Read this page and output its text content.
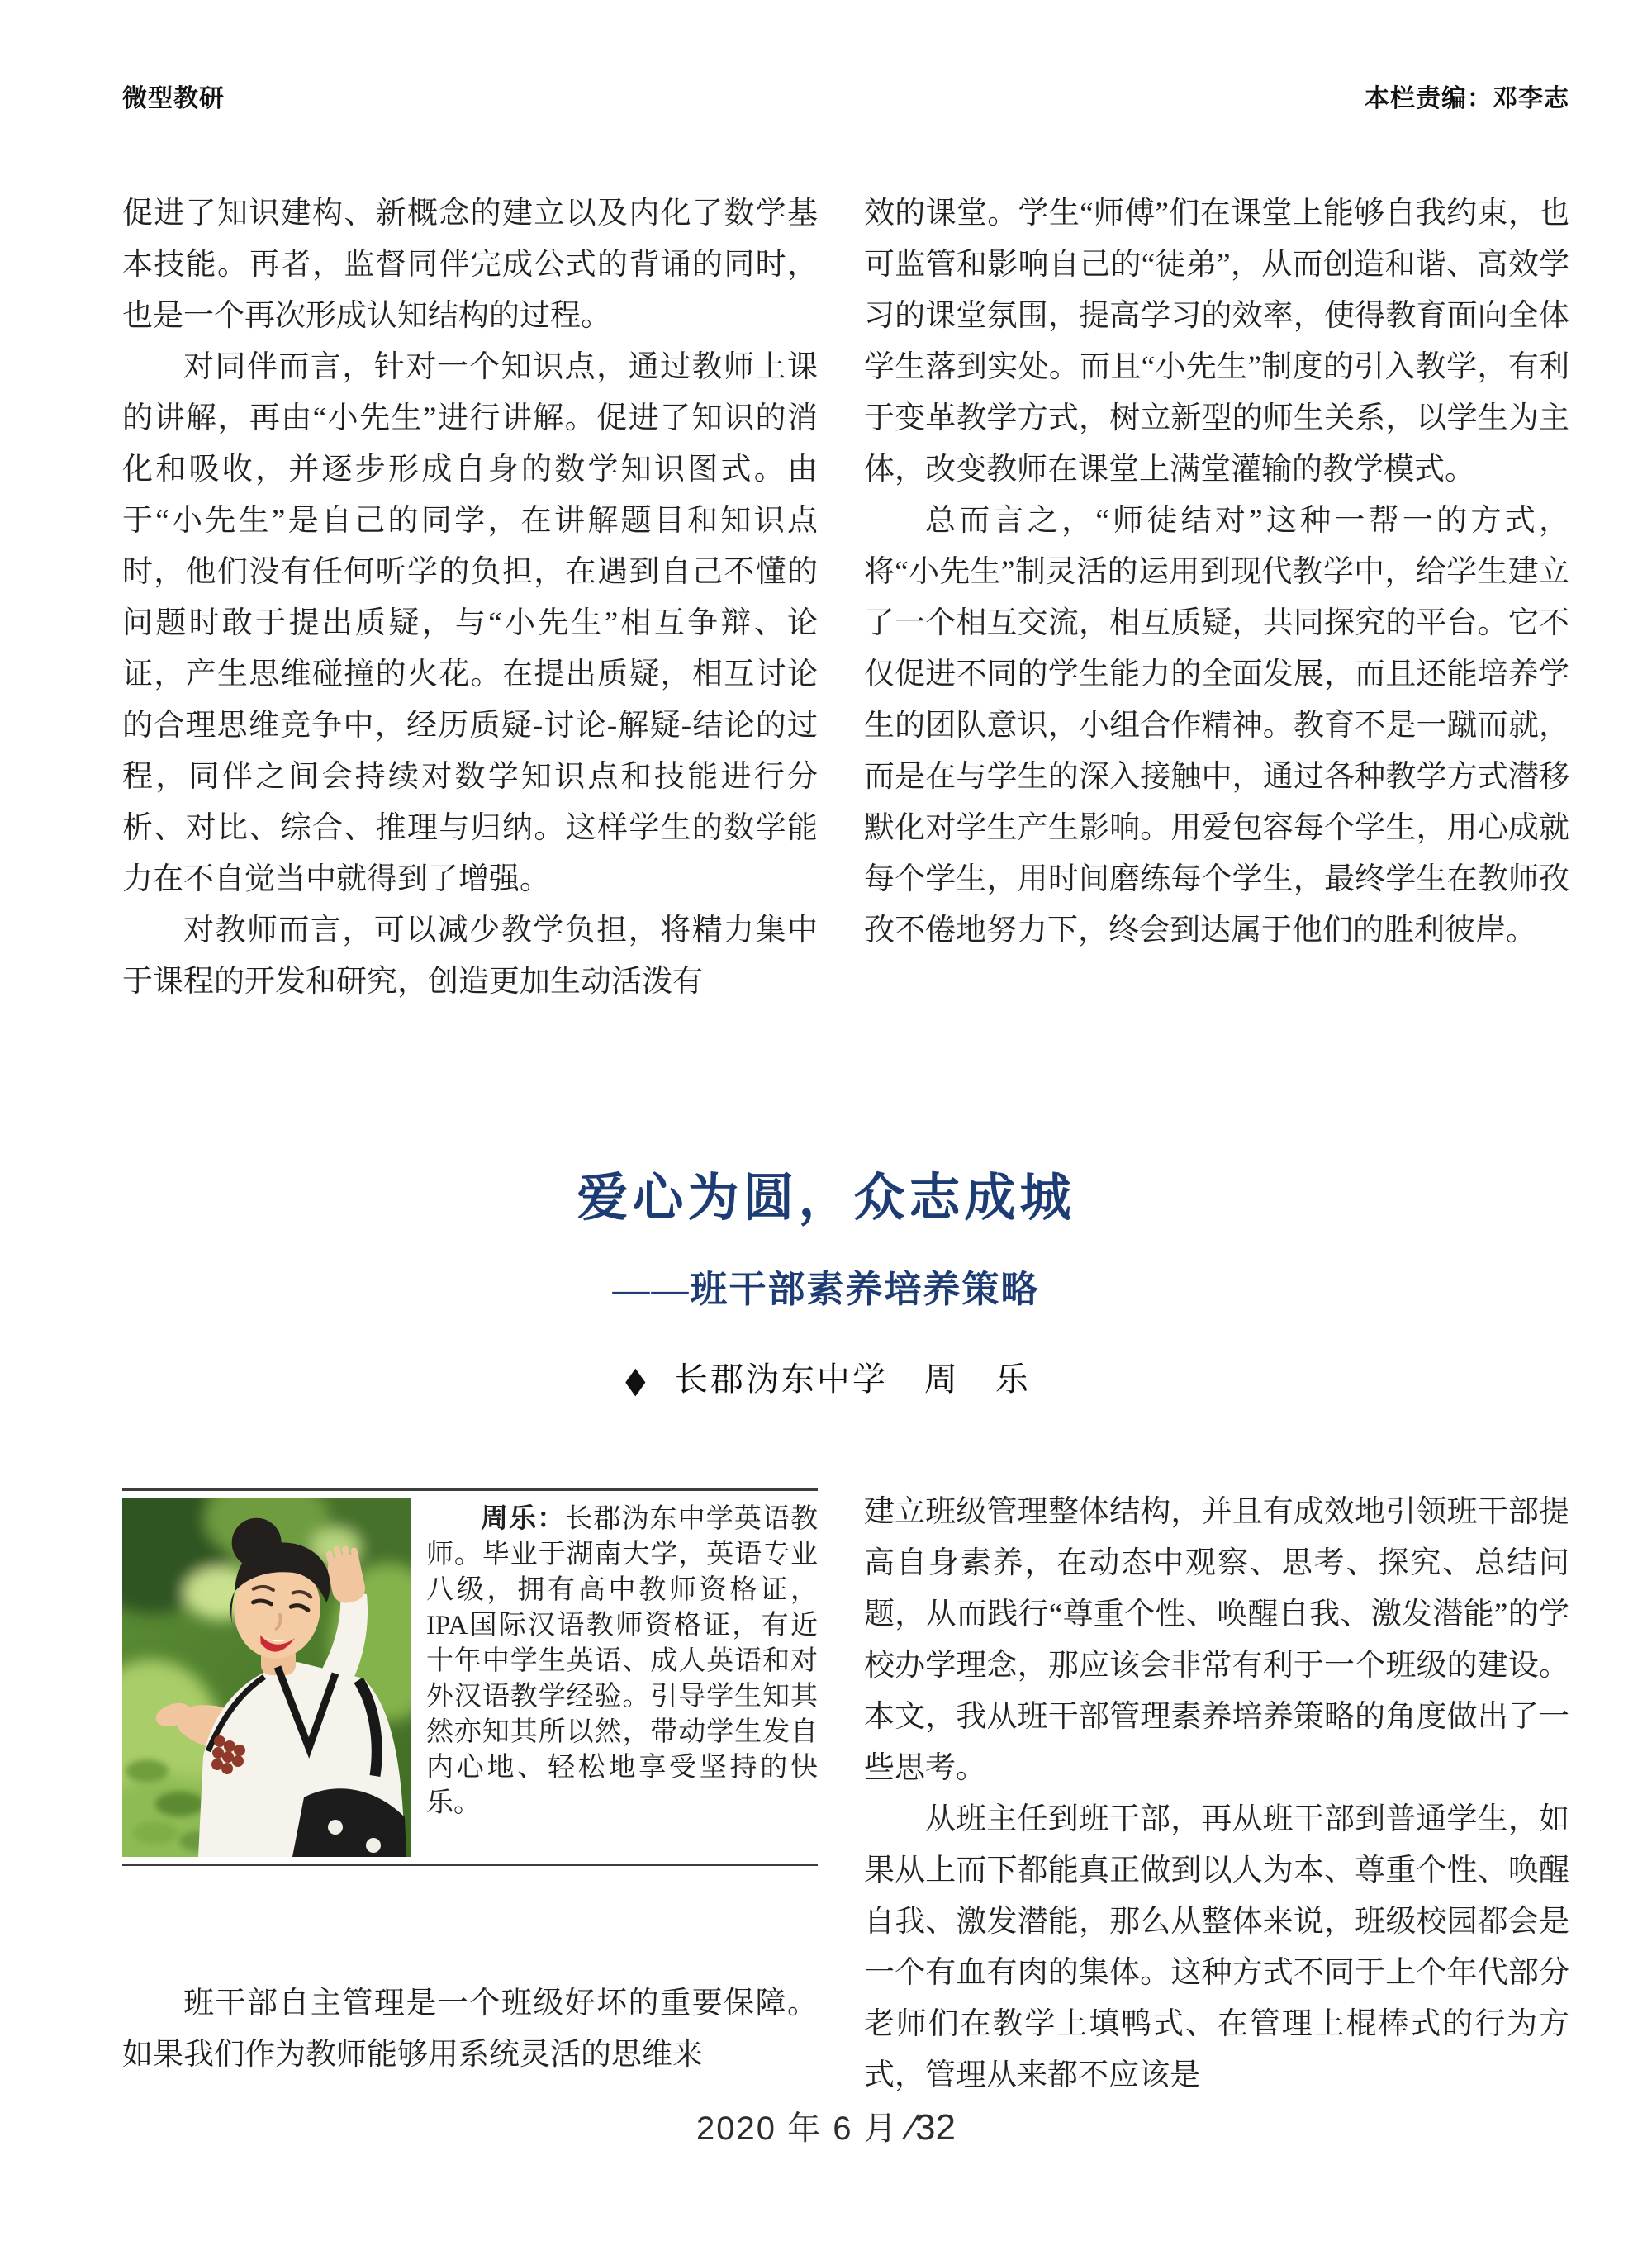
微型教研	本栏责编：邓李志

促进了知识建构、新概念的建立以及内化了数学基本技能。再者，监督同伴完成公式的背诵的同时，也是一个再次形成认知结构的过程。

对同伴而言，针对一个知识点，通过教师上课的讲解，再由“小先生”进行讲解。促进了知识的消化和吸收，并逐步形成自身的数学知识图式。由于“小先生”是自己的同学，在讲解题目和知识点时，他们没有任何听学的负担，在遇到自己不懂的问题时敢于提出质疑，与“小先生”相互争辩、论证，产生思维碰撞的火花。在提出质疑，相互讨论的合理思维竞争中，经历质疑-讨论-解疑-结论的过程，同伴之间会持续对数学知识点和技能进行分析、对比、综合、推理与归纳。这样学生的数学能力在不自觉当中就得到了增强。

对教师而言，可以减少教学负担，将精力集中于课程的开发和研究，创造更加生动活泼有

效的课堂。学生“师傅”们在课堂上能够自我约束，也可监管和影响自己的“徒弟”，从而创造和谐、高效学习的课堂氛围，提高学习的效率，使得教育面向全体学生落到实处。而且“小先生”制度的引入教学，有利于变革教学方式，树立新型的师生关系，以学生为主体，改变教师在课堂上满堂灌输的教学模式。

总而言之，“师徒结对”这种一帮一的方式，将“小先生”制灵活的运用到现代教学中，给学生建立了一个相互交流，相互质疑，共同探究的平台。它不仅促进不同的学生能力的全面发展，而且还能培养学生的团队意识，小组合作精神。教育不是一蹴而就，而是在与学生的深入接触中，通过各种教学方式潜移默化对学生产生影响。用爱包容每个学生，用心成就每个学生，用时间磨练每个学生，最终学生在教师孜孜不倦地努力下，终会到达属于他们的胜利彼岸。

爱心为圆，众志成城
——班干部素养培养策略
◆ 长郡沩东中学 周　乐

周乐：长郡沩东中学英语教师。毕业于湖南大学，英语专业八级，拥有高中教师资格证，IPA国际汉语教师资格证，有近十年中学生英语、成人英语和对外汉语教学经验。引导学生知其然亦知其所以然，带动学生发自内心地、轻松地享受坚持的快乐。

班干部自主管理是一个班级好坏的重要保障。如果我们作为教师能够用系统灵活的思维来

建立班级管理整体结构，并且有成效地引领班干部提高自身素养，在动态中观察、思考、探究、总结问题，从而践行“尊重个性、唤醒自我、激发潜能”的学校办学理念，那应该会非常有利于一个班级的建设。本文，我从班干部管理素养培养策略的角度做出了一些思考。

从班主任到班干部，再从班干部到普通学生，如果从上而下都能真正做到以人为本、尊重个性、唤醒自我、激发潜能，那么从整体来说，班级校园都会是一个有血有肉的集体。这种方式不同于上个年代部分老师们在教学上填鸭式、在管理上棍棒式的行为方式，管理从来都不应该是

2020 年 6 月 ∕32
